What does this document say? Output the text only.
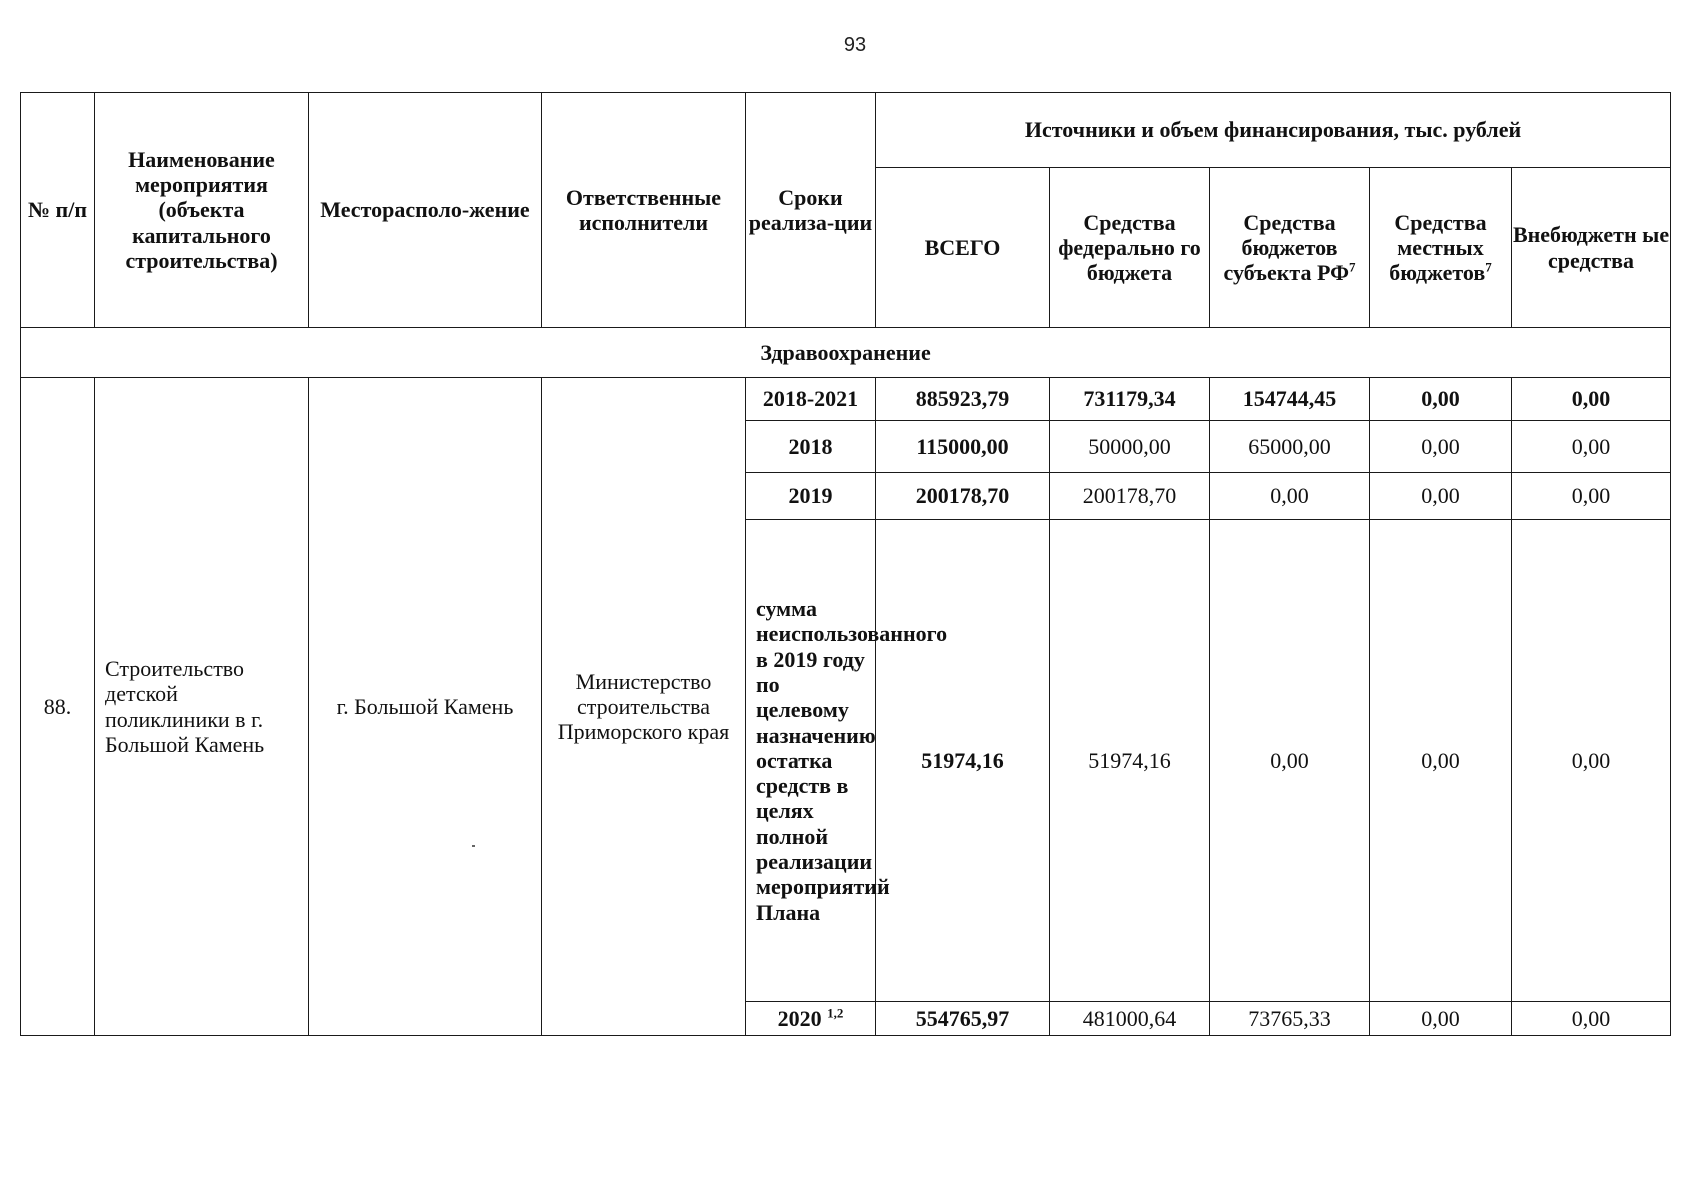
93
№ п/п	Наименование мероприятия (объекта капитального строительства)	Месторасполо-жение	Ответственные исполнители	Сроки реализа-ции	Источники и объем финансирования, тыс. рублей				
					ВСЕГО	Средства федерально го бюджета	Средства бюджетов субъекта $РФ^7$	Средства местных бюджетов$^7$	Внебюджетн ые средства
Здравоохранение									
88.	Строительство детской поликлиники в г. Большой Камень	г. Большой Камень	Министерство строительства Приморского края	2018-2021	885923,79	731179,34	154744,45	0,00	0,00
				2018	115000,00	50000,00	65000,00	0,00	0,00
				2019	200178,70	200178,70	0,00	0,00	0,00
				сумма неиспользованного в 2019 году по целевому назначению остатка средств в целях полной реализации мероприятий Плана	51974,16	51974,16	0,00	0,00	0,00
				2020 $^{1,2}$	554765,97	481000,64	73765,33	0,00	0,00
